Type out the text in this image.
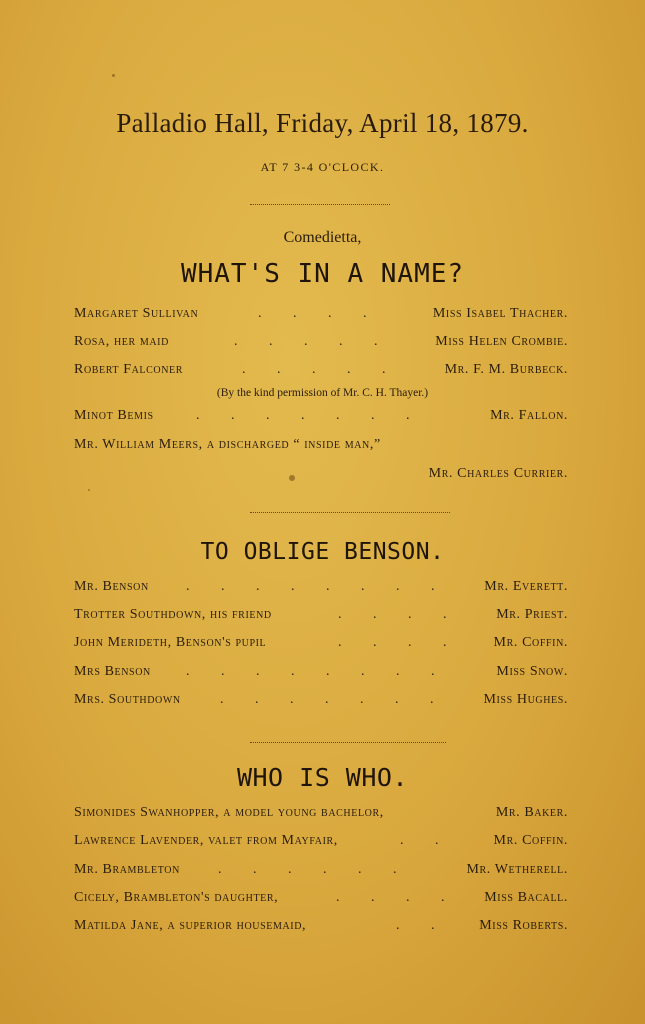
Palladio Hall, Friday, April 18, 1879.
AT 7 3-4 O'CLOCK.
Comedietta,
WHAT'S IN A NAME?
Margaret Sullivan	. . . .	Miss Isabel Thacher.
Rosa, her maid	. . . . .	Miss Helen Crombie.
Robert Falconer	. . . . .	Mr. F. M. Burbeck.
(By the kind permission of Mr. C. H. Thayer.)
Minot Bemis	. . . . . . .	Mr. Fallon.
Mr. William Meers, a discharged “ inside man,”
Mr. Charles Currier.
TO OBLIGE BENSON.
Mr. Benson	. . . . . . . .	Mr. Everett.
Trotter Southdown, his friend	. . . .	Mr. Priest.
John Merideth, Benson's pupil	. . . . Mr. Coffin.
Mrs Benson	. . . . . . . .	Miss Snow.
Mrs. Southdown	. . . . . . .	Miss Hughes.
WHO IS WHO.
Simonides Swanhopper, a model young bachelor,	Mr. Baker.
Lawrence Lavender, valet from Mayfair,	. .	Mr. Coffin.
Mr. Brambleton	. . . . . .	Mr. Wetherell.
Cicely, Brambleton's daughter,	. . . . Miss Bacall.
Matilda Jane, a superior housemaid,	. . Miss Roberts.
